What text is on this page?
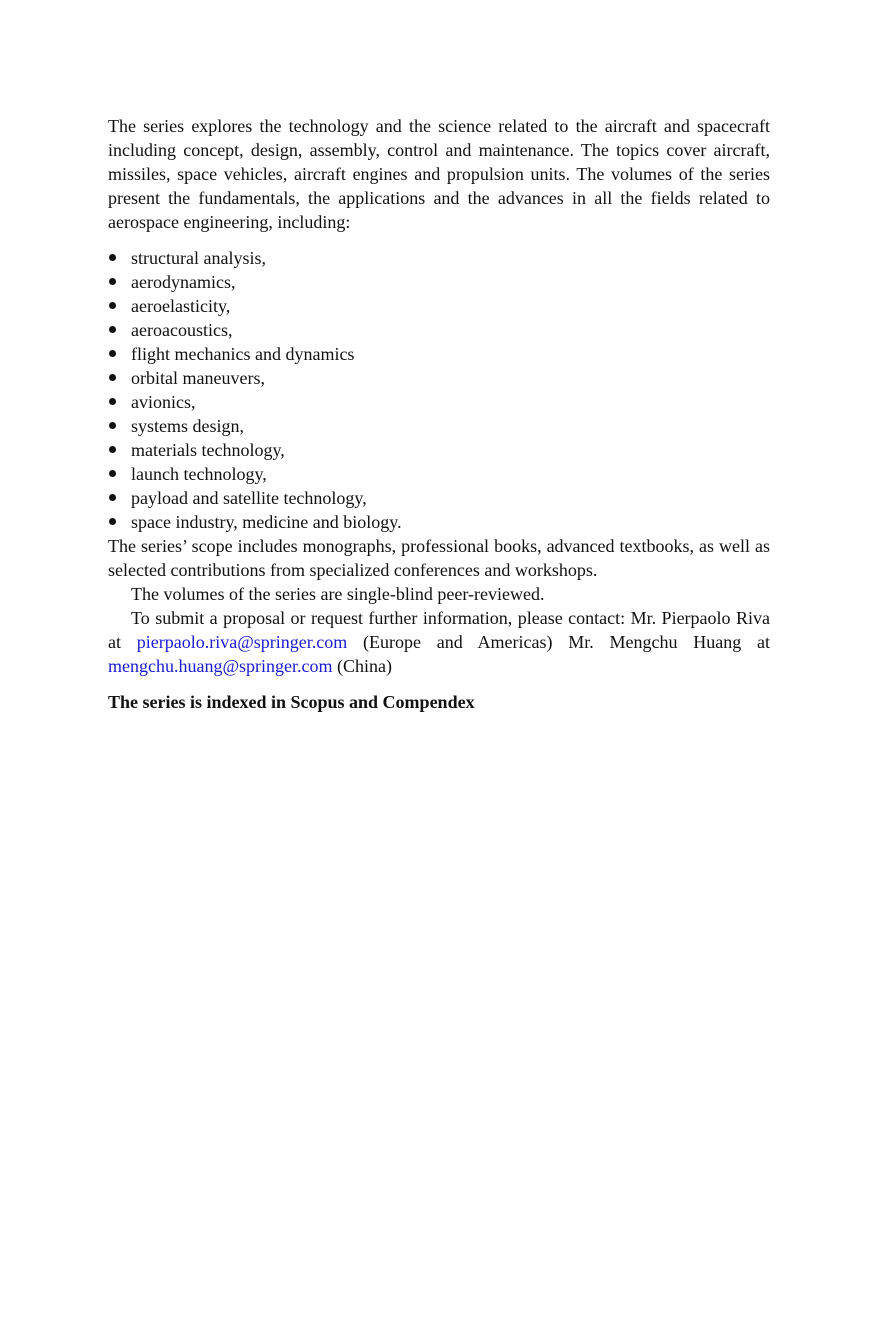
The series explores the technology and the science related to the aircraft and spacecraft including concept, design, assembly, control and maintenance. The topics cover aircraft, missiles, space vehicles, aircraft engines and propulsion units. The volumes of the series present the fundamentals, the applications and the advances in all the fields related to aerospace engineering, including:

structural analysis,
aerodynamics,
aeroelasticity,
aeroacoustics,
flight mechanics and dynamics
orbital maneuvers,
avionics,
systems design,
materials technology,
launch technology,
payload and satellite technology,
space industry, medicine and biology.

The series’ scope includes monographs, professional books, advanced textbooks, as well as selected contributions from specialized conferences and workshops.

The volumes of the series are single-blind peer-reviewed.

To submit a proposal or request further information, please contact: Mr. Pierpaolo Riva at pierpaolo.riva@springer.com (Europe and Americas) Mr. Mengchu Huang at mengchu.huang@springer.com (China)

The series is indexed in Scopus and Compendex
